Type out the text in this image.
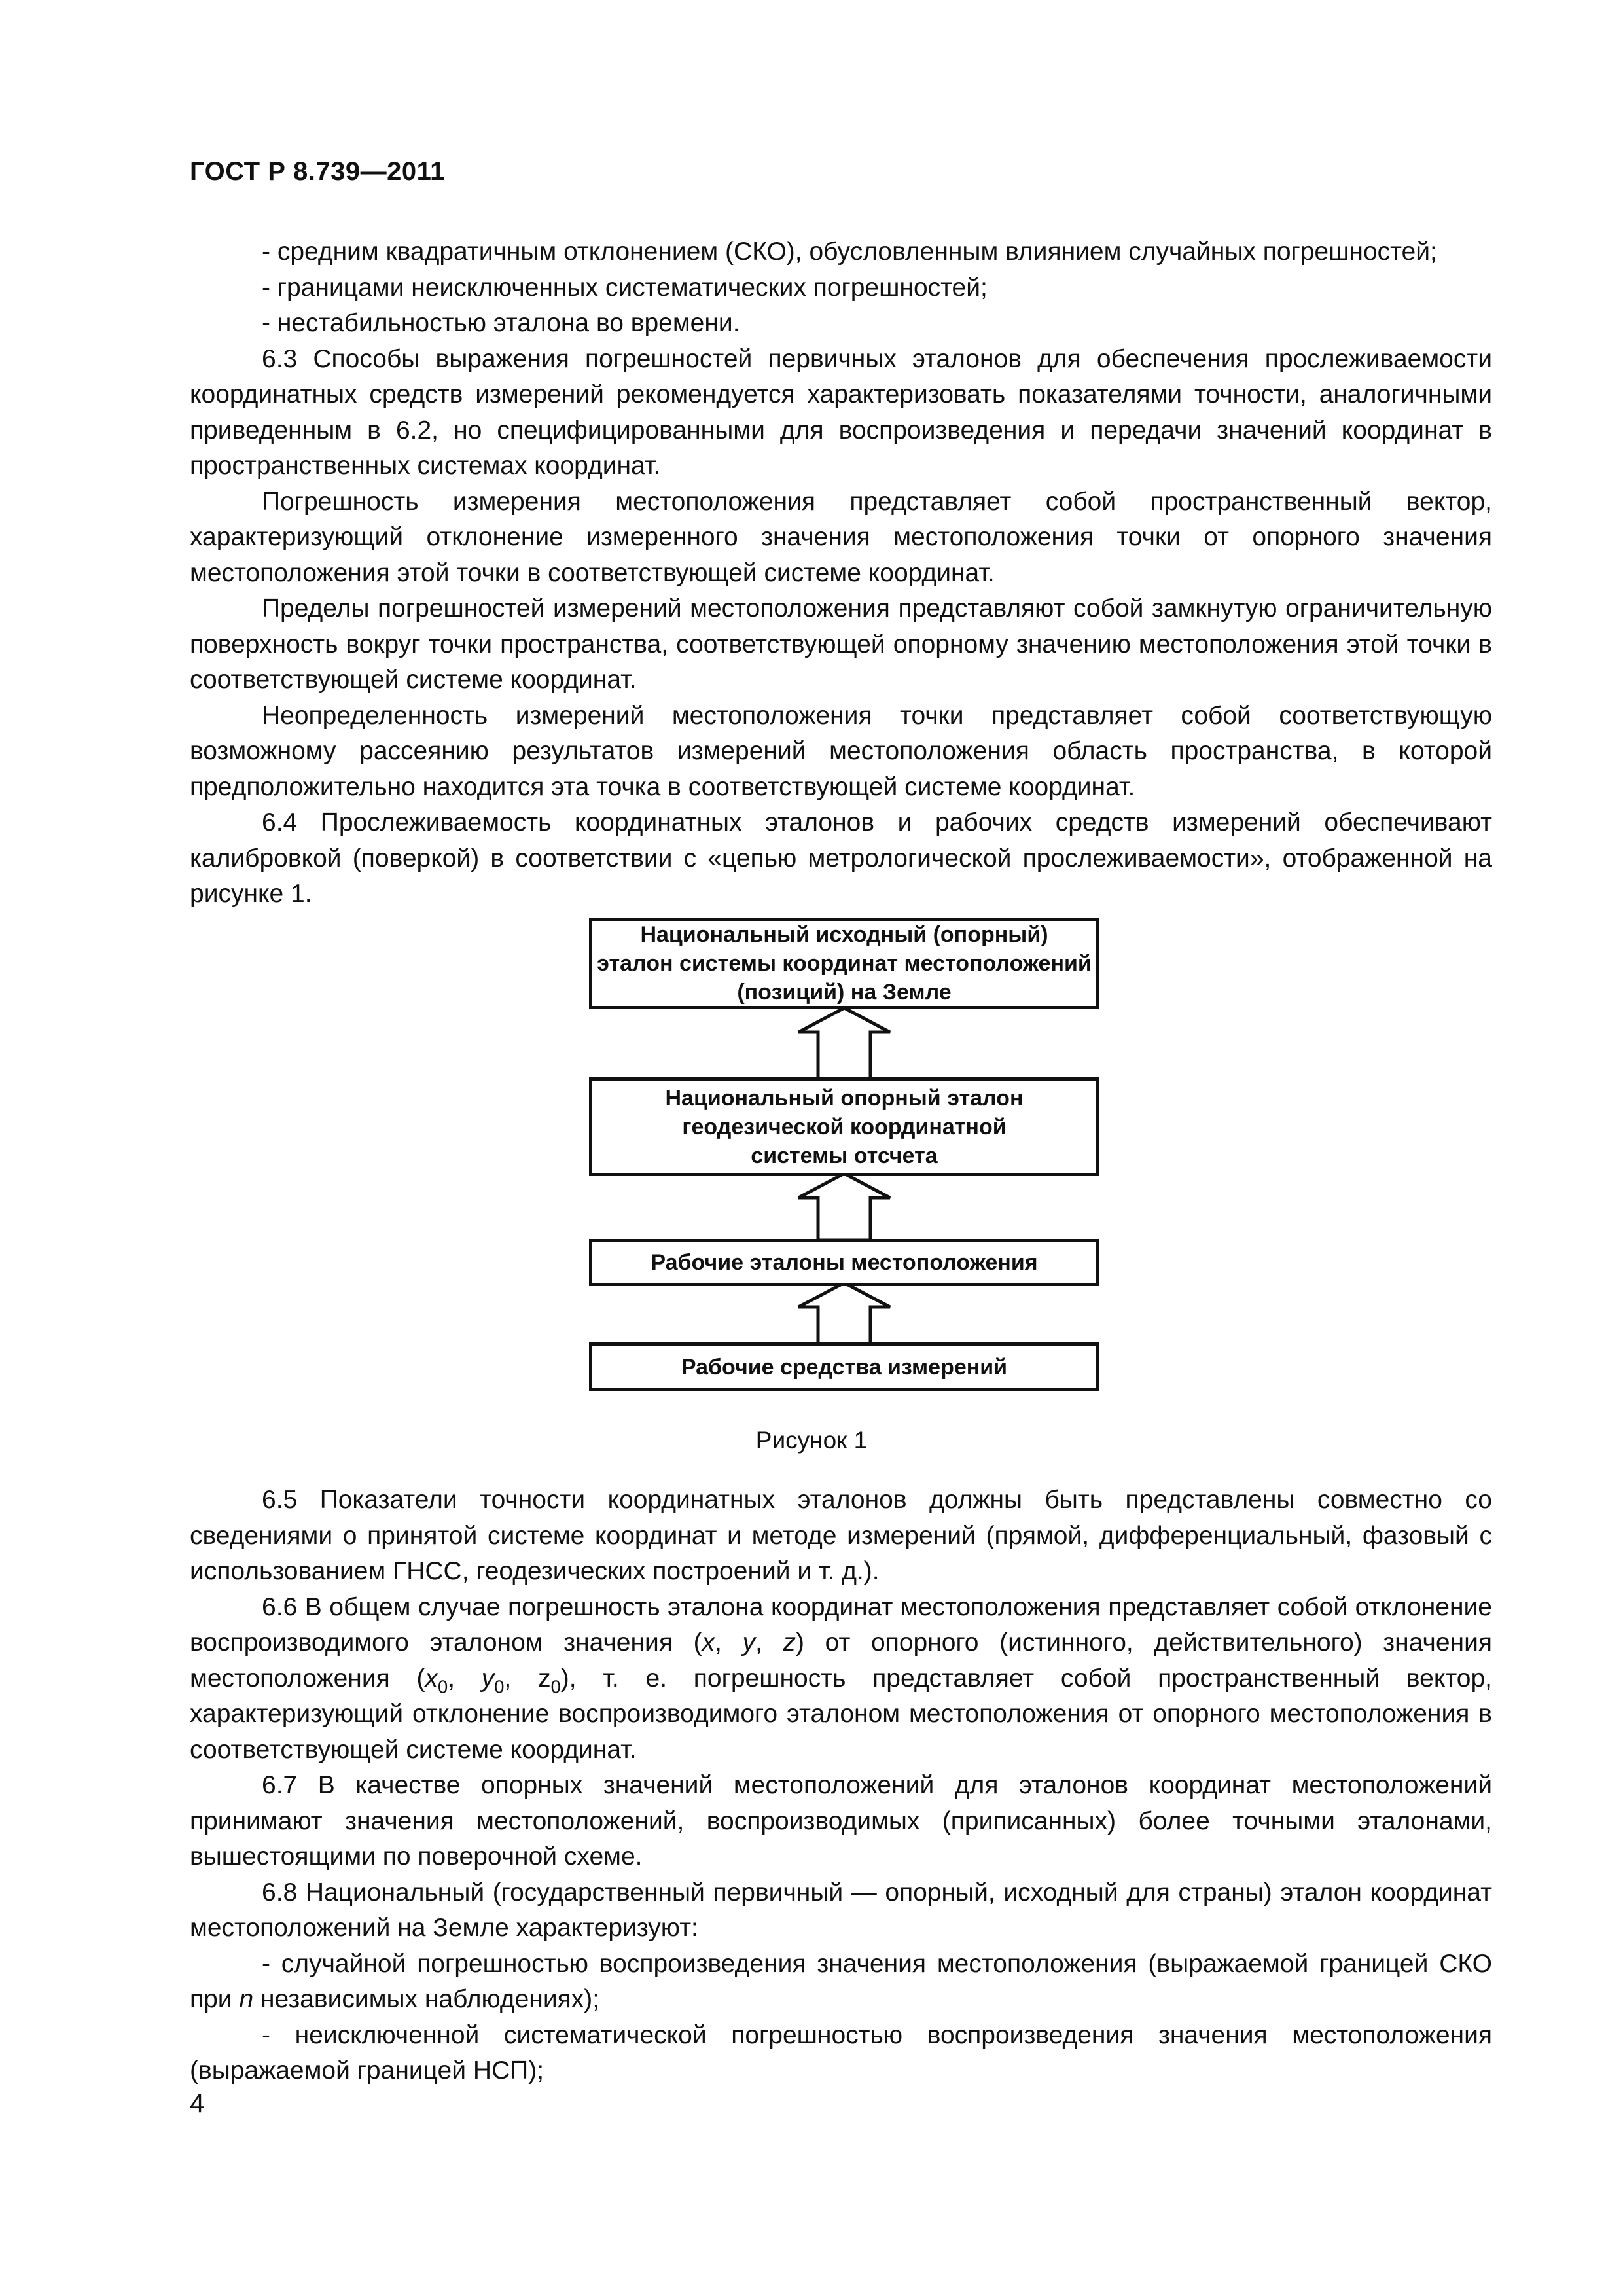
ГОСТ Р 8.739—2011

- средним квадратичным отклонением (СКО), обусловленным влиянием случайных погрешностей;

- границами неисключенных систематических погрешностей;

- нестабильностью эталона во времени.

6.3 Способы выражения погрешностей первичных эталонов для обеспечения прослеживаемости координатных средств измерений рекомендуется характеризовать показателями точности, аналогичными приведенным в 6.2, но специфицированными для воспроизведения и передачи значений координат в пространственных системах координат.

Погрешность измерения местоположения представляет собой пространственный вектор, характеризующий отклонение измеренного значения местоположения точки от опорного значения местоположения этой точки в соответствующей системе координат.

Пределы погрешностей измерений местоположения представляют собой замкнутую ограничительную поверхность вокруг точки пространства, соответствующей опорному значению местоположения этой точки в соответствующей системе координат.

Неопределенность измерений местоположения точки представляет собой соответствующую возможному рассеянию результатов измерений местоположения область пространства, в которой предположительно находится эта точка в соответствующей системе координат.

6.4 Прослеживаемость координатных эталонов и рабочих средств измерений обеспечивают калибровкой (поверкой) в соответствии с «цепью метрологической прослеживаемости», отображенной на рисунке 1.

Национальный исходный (опорный)
эталон системы координат местоположений
(позиций) на Земле
Национальный опорный эталон
геодезической координатной
системы отсчета
Рабочие эталоны местоположения
Рабочие средства измерений
Рисунок 1

6.5 Показатели точности координатных эталонов должны быть представлены совместно со сведениями о принятой системе координат и методе измерений (прямой, дифференциальный, фазовый с использованием ГНСС, геодезических построений и т. д.).

6.6 В общем случае погрешность эталона координат местоположения представляет собой отклонение воспроизводимого эталоном значения (x, y, z) от опорного (истинного, действительного) значения местоположения ($x_0$, $y_0$, $z_0$), т. е. погрешность представляет собой пространственный вектор, характеризующий отклонение воспроизводимого эталоном местоположения от опорного местоположения в соответствующей системе координат.

6.7 В качестве опорных значений местоположений для эталонов координат местоположений принимают значения местоположений, воспроизводимых (приписанных) более точными эталонами, вышестоящими по поверочной схеме.

6.8 Национальный (государственный первичный — опорный, исходный для страны) эталон координат местоположений на Земле характеризуют:

- случайной погрешностью воспроизведения значения местоположения (выражаемой границей СКО при n независимых наблюдениях);

- неисключенной систематической погрешностью воспроизведения значения местоположения (выражаемой границей НСП);

4
